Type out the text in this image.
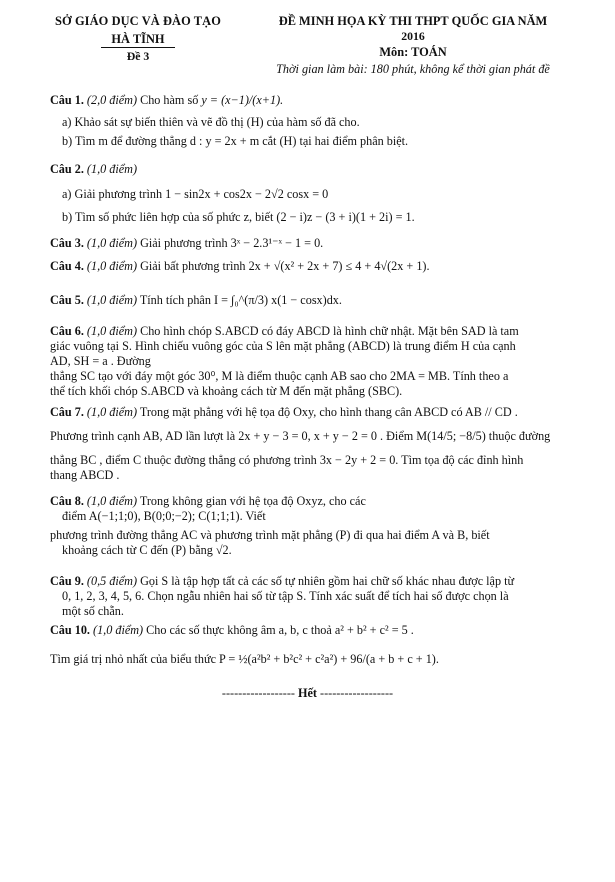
SỞ GIÁO DỤC VÀ ĐÀO TẠO
HÀ TĨNH
Đề 3
ĐỀ MINH HỌA KỲ THI THPT QUỐC GIA NĂM
2016
Môn: TOÁN
Thời gian làm bài: 180 phút, không kể thời gian phát đề
Câu 1. (2,0 điểm) Cho hàm số y = (x−1)/(x+1).
a) Khảo sát sự biến thiên và vẽ đồ thị (H) của hàm số đã cho.
b) Tìm m để đường thẳng d : y = 2x + m cắt (H) tại hai điểm phân biệt.
Câu 2. (1,0 điểm)
a) Giải phương trình 1 − sin2x + cos2x − 2√2 cosx = 0
b) Tìm số phức liên hợp của số phức z, biết (2 − i)z − (3 + i)(1 + 2i) = 1.
Câu 3. (1,0 điểm) Giải phương trình 3ˣ − 2.3¹⁻ˣ − 1 = 0.
Câu 4. (1,0 điểm) Giải bất phương trình 2x + √(x² + 2x + 7) ≤ 4 + 4√(2x + 1).
Câu 5. (1,0 điểm) Tính tích phân I = ∫₀^(π/3) x(1 − cosx)dx.
Câu 6. (1,0 điểm) Cho hình chóp S.ABCD có đáy ABCD là hình chữ nhật. Mặt bên SAD là tam
giác vuông tại S. Hình chiếu vuông góc của S lên mặt phẳng (ABCD) là trung điểm H của cạnh
AD, SH = a . Đường
thẳng SC tạo với đáy một góc 30⁰, M là điểm thuộc cạnh AB sao cho 2MA = MB. Tính theo a
thể tích khối chóp S.ABCD và khoảng cách từ M đến mặt phẳng (SBC).
Câu 7. (1,0 điểm) Trong mặt phẳng với hệ tọa độ Oxy, cho hình thang cân ABCD có AB // CD .
Phương trình cạnh AB, AD lần lượt là 2x + y − 3 = 0, x + y − 2 = 0 . Điểm M(14/5; −8/5) thuộc đường
thẳng BC , điểm C thuộc đường thẳng có phương trình 3x − 2y + 2 = 0. Tìm tọa độ các đỉnh hình
thang ABCD .
Câu 8. (1,0 điểm) Trong không gian với hệ tọa độ Oxyz, cho các
điểm A(−1;1;0), B(0;0;−2); C(1;1;1). Viết
phương trình đường thẳng AC và phương trình mặt phẳng (P) đi qua hai điểm A và B, biết
khoảng cách từ C đến (P) bằng √2.
Câu 9. (0,5 điểm) Gọi S là tập hợp tất cả các số tự nhiên gồm hai chữ số khác nhau được lập từ
0, 1, 2, 3, 4, 5, 6. Chọn ngẫu nhiên hai số từ tập S. Tính xác suất để tích hai số được chọn là
một số chẵn.
Câu 10. (1,0 điểm) Cho các số thực không âm a, b, c thoả a² + b² + c² = 5 .
Tìm giá trị nhỏ nhất của biểu thức P = ½(a²b² + b²c² + c²a²) + 96/(a + b + c + 1).
------------------ Hết ------------------
